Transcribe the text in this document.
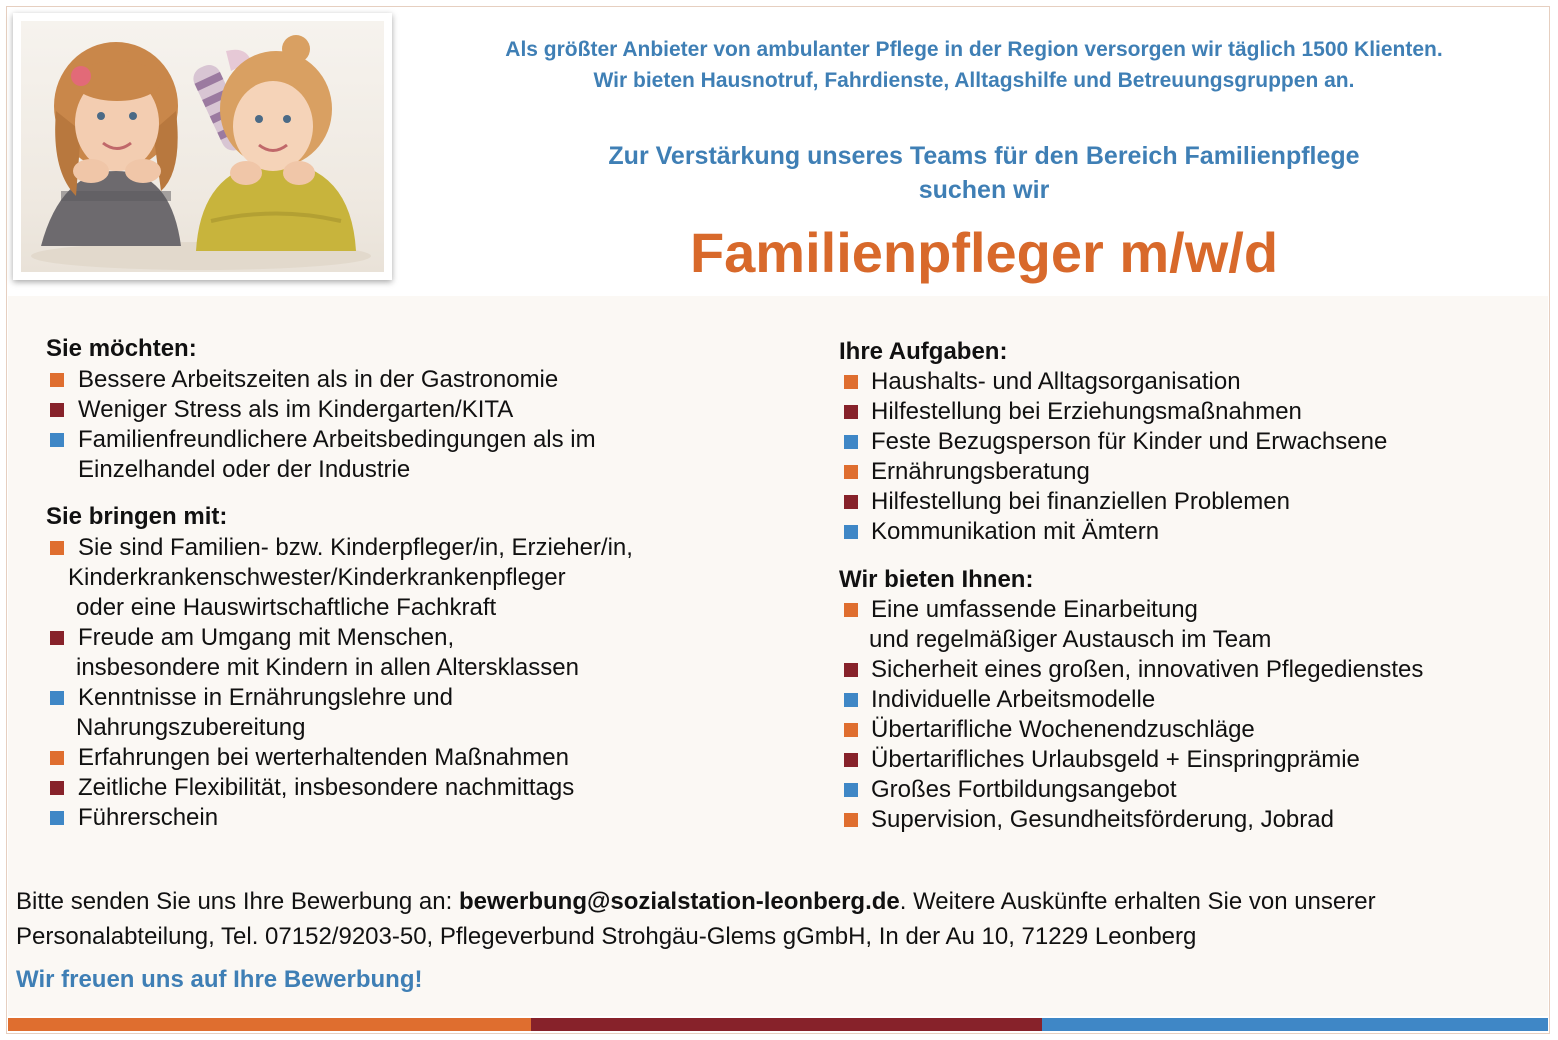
Als größter Anbieter von ambulanter Pflege in der Region versorgen wir täglich 1500 Klienten.
Wir bieten Hausnotruf, Fahrdienste, Alltagshilfe und Betreuungsgruppen an.
Zur Verstärkung unseres Teams für den Bereich Familienpflege
suchen wir
Familienpfleger m/w/d
Sie möchten:
Bessere Arbeitszeiten als in der Gastronomie
Weniger Stress als im Kindergarten/KITA
Familienfreundlichere Arbeitsbedingungen als im
Einzelhandel oder der Industrie
Sie bringen mit:
Sie sind Familien- bzw. Kinderpfleger/in, Erzieher/in,
Kinderkrankenschwester/Kinderkrankenpfleger
oder eine Hauswirtschaftliche Fachkraft
Freude am Umgang mit Menschen,
insbesondere mit Kindern in allen Altersklassen
Kenntnisse in Ernährungslehre und
Nahrungszubereitung
Erfahrungen bei werterhaltenden Maßnahmen
Zeitliche Flexibilität, insbesondere nachmittags
Führerschein
Ihre Aufgaben:
Haushalts- und Alltagsorganisation
Hilfestellung bei Erziehungsmaßnahmen
Feste Bezugsperson für Kinder und Erwachsene
Ernährungsberatung
Hilfestellung bei finanziellen Problemen
Kommunikation mit Ämtern
Wir bieten Ihnen:
Eine umfassende Einarbeitung
und regelmäßiger Austausch im Team
Sicherheit eines großen, innovativen Pflegedienstes
Individuelle Arbeitsmodelle
Übertarifliche Wochenendzuschläge
Übertarifliches Urlaubsgeld + Einspringprämie
Großes Fortbildungsangebot
Supervision, Gesundheitsförderung, Jobrad
Bitte senden Sie uns Ihre Bewerbung an: bewerbung@sozialstation-leonberg.de. Weitere Auskünfte erhalten Sie von unserer Personalabteilung, Tel. 07152/9203-50, Pflegeverbund Strohgäu-Glems gGmbH, In der Au 10, 71229 Leonberg
Wir freuen uns auf Ihre Bewerbung!
